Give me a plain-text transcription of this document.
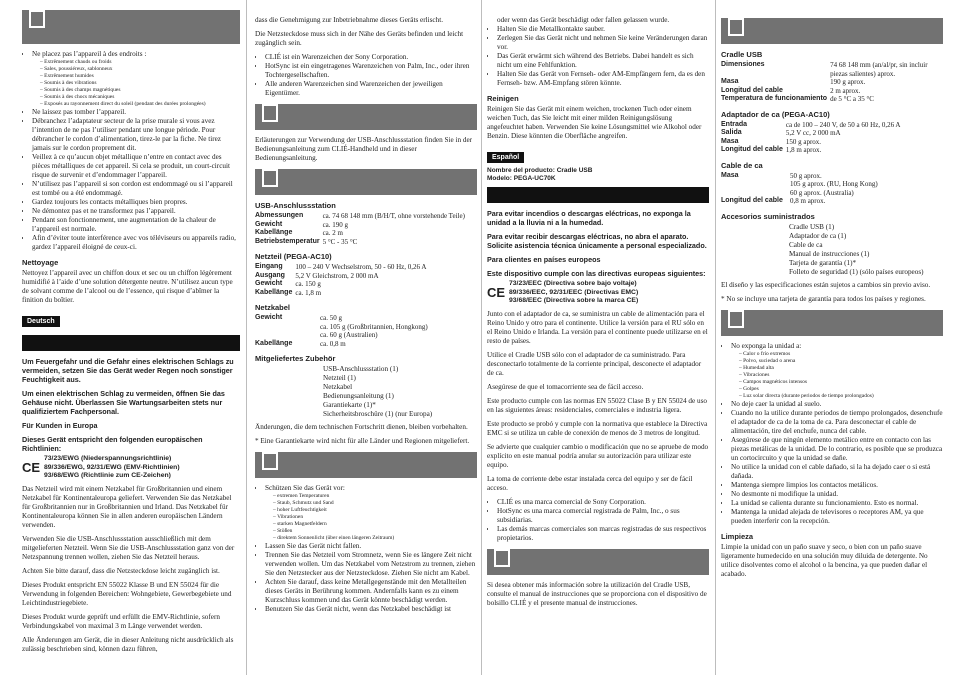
• Ne placez pas l’appareil à des endroits :
– Extrêmement chauds ou froids
– Sales, poussiéreux, sablonneux
– Extrêmement humides
– Soumis à des vibrations
– Soumis à des champs magnétiques
– Soumis à des chocs mécaniques
– Exposés au rayonnement direct du soleil (pendant des durées prolongées)
• Ne laissez pas tomber l’appareil.
• Débranchez l’adaptateur secteur de la prise murale si vous avez l’intention de ne pas l’utiliser pendant une longue période. Pour débrancher le cordon d’alimentation, tirez-le par la fiche. Ne tirez jamais sur le cordon proprement dit.
• Veillez à ce qu’aucun objet métallique n’entre en contact avec des pièces métalliques de cet appareil. Si cela se produit, un court-circuit risque de survenir et d’endommager l’appareil.
• N’utilisez pas l’appareil si son cordon est endommagé ou si l’appareil est tombé ou a été endommagé.
• Gardez toujours les contacts métalliques bien propres.
• Ne démontez pas et ne transformez pas l’appareil.
• Pendant son fonctionnement, une augmentation de la chaleur de l’appareil est normale.
• Afin d’éviter toute interférence avec vos téléviseurs ou appareils radio, gardez l’appareil éloigné de ceux-ci.
Nettoyage

Nettoyez l’appareil avec un chiffon doux et sec ou un chiffon légèrement humidifié à l’aide d’une solution détergente neutre. N’utilisez aucun type de solvant comme de l’alcool ou de l’essence, qui risque d’abîmer la finition du boîtier.

Deutsch

Um Feuergefahr und die Gefahr eines elektrischen Schlags zu vermeiden, setzen Sie das Gerät weder Regen noch sonstiger Feuchtigkeit aus.

Um einen elektrischen Schlag zu vermeiden, öffnen Sie das Gehäuse nicht. Überlassen Sie Wartungsarbeiten stets nur qualifiziertem Fachpersonal.

Für Kunden in Europa

Dieses Gerät entspricht den folgenden europäischen Richtlinien:

CE
73/23/EWG (Niederspannungsrichtlinie)
89/336/EWG, 92/31/EWG (EMV-Richtlinien)
93/68/EWG (Richtlinie zum CE-Zeichen)

Das Netzteil wird mit einem Netzkabel für Großbritannien und einem Netzkabel für Kontinentaleuropa geliefert. Verwenden Sie das Netzkabel für Großbritannien nur in Großbritannien und Irland. Das Netzkabel für Kontinentaleuropa können Sie in allen anderen europäischen Ländern verwenden.

Verwenden Sie die USB-Anschlussstation ausschließlich mit dem mitgelieferten Netzteil. Wenn Sie die USB-Anschlussstation ganz von der Netzspannung trennen wollen, ziehen Sie das Netzteil heraus.

Achten Sie bitte darauf, dass die Netzsteckdose leicht zugänglich ist.

Dieses Produkt entspricht EN 55022 Klasse B und EN 55024 für die Verwendung in folgenden Bereichen: Wohngebiete, Gewerbegebiete und Leichtindustriegebiete.

Dieses Produkt wurde geprüft und erfüllt die EMV-Richtlinie, sofern Verbindungskabel von maximal 3 m Länge verwendet werden.

Alle Änderungen am Gerät, die in dieser Anleitung nicht ausdrücklich als zulässig beschrieben sind, können dazu führen,

dass die Genehmigung zur Inbetriebnahme dieses Geräts erlischt.

Die Netzsteckdose muss sich in der Nähe des Geräts befinden und leicht zugänglich sein.

• CLIÉ ist ein Warenzeichen der Sony Corporation.
• HotSync ist ein eingetragenes Warenzeichen von Palm, Inc., oder ihren Tochtergesellschaften.
• Alle anderen Warenzeichen sind Warenzeichen der jeweiligen Eigentümer.

Erläuterungen zur Verwendung der USB-Anschlussstation finden Sie in der Bedienungsanleitung zum CLIÉ-Handheld und in dieser Bedienungsanleitung.

USB-Anschlussstation
Abmessungen	ca. 74 68 148 mm (B/H/T, ohne vorstehende Teile)
Gewicht	ca. 190 g
Kabellänge	ca. 2 m
Betriebstemperatur	5 °C - 35 °C
Netzteil (PEGA-AC10)
Eingang	100 – 240 V Wechselstrom, 50 - 60 Hz, 0,26 A
Ausgang	5,2 V Gleichstrom, 2 000 mA
Gewicht	ca. 150 g
Kabellänge	ca. 1,8 m
Netzkabel
Gewicht	ca. 50 g
	ca. 105 g (Großbritannien, Hongkong)
	ca. 60 g (Australien)
Kabellänge	ca. 0,8 m
Mitgeliefertes Zubehör

USB-Anschlussstation (1)

Netzteil (1)

Netzkabel

Bedienungsanleitung (1)

Garantiekarte (1)*

Sicherheitsbroschüre (1) (nur Europa)

Änderungen, die dem technischen Fortschritt dienen, bleiben vorbehalten.

* Eine Garantiekarte wird nicht für alle Länder und Regionen mitgeliefert.

• Schützen Sie das Gerät vor:
– extremen Temperaturen
– Staub, Schmutz und Sand
– hoher Luftfeuchtigkeit
– Vibrationen
– starken Magnetfeldern
– Stößen
– direktem Sonnenlicht (über einen längeren Zeitraum)
• Lassen Sie das Gerät nicht fallen.
• Trennen Sie das Netzteil vom Stromnetz, wenn Sie es längere Zeit nicht verwenden wollen. Um das Netzkabel vom Netzstrom zu trennen, ziehen Sie den Netzstecker aus der Netzsteckdose. Ziehen Sie nicht am Kabel.
• Achten Sie darauf, dass keine Metallgegenstände mit den Metallteilen dieses Geräts in Berührung kommen. Andernfalls kann es zu einem Kurzschluss kommen und das Gerät könnte beschädigt werden.
• Benutzen Sie das Gerät nicht, wenn das Netzkabel beschädigt ist
oder wenn das Gerät beschädigt oder fallen gelassen wurde.
• Halten Sie die Metallkontakte sauber.
• Zerlegen Sie das Gerät nicht und nehmen Sie keine Veränderungen daran vor.
• Das Gerät erwärmt sich während des Betriebs. Dabei handelt es sich nicht um eine Fehlfunktion.
• Halten Sie das Gerät von Fernseh- oder AM-Empfängern fern, da es den Fernseh- bzw. AM-Empfang stören könnte.
Reinigen

Reinigen Sie das Gerät mit einem weichen, trockenen Tuch oder einem weichen Tuch, das Sie leicht mit einer milden Reinigungslösung angefeuchtet haben. Verwenden Sie keine Lösungsmittel wie Alkohol oder Benzin. Diese könnten die Oberfläche angreifen.

Español

Nombre del producto: Cradle USB

Modelo: PEGA-UC70K

Para evitar incendios o descargas eléctricas, no exponga la unidad a la lluvia ni a la humedad.

Para evitar recibir descargas eléctricas, no abra el aparato. Solicite asistencia técnica únicamente a personal especializado.

Para clientes en países europeos

Este dispositivo cumple con las directivas europeas siguientes:

CE
73/23/EEC (Directiva sobre bajo voltaje)
89/336/EEC, 92/31/EEC (Directivas EMC)
93/68/EEC (Directiva sobre la marca CE)

Junto con el adaptador de ca, se suministra un cable de alimentación para el Reino Unido y otro para el continente. Utilice la versión para el RU sólo en el Reino Unido e Irlanda. La versión para el continente puede utilizarse en el resto de países.

Utilice el Cradle USB sólo con el adaptador de ca suministrado. Para desconectarlo totalmente de la corriente principal, desconecte el adaptador de ca.

Asegúrese de que el tomacorriente sea de fácil acceso.

Este producto cumple con las normas EN 55022 Clase B y EN 55024 de uso en las siguientes áreas: residenciales, comerciales e industria ligera.

Este producto se probó y cumple con la normativa que establece la Directiva EMC si se utiliza un cable de conexión de menos de 3 metros de longitud.

Se advierte que cualquier cambio o modificación que no se apruebe de modo explícito en este manual podría anular su autorización para utilizar este equipo.

La toma de corriente debe estar instalada cerca del equipo y ser de fácil acceso.

• CLIÉ es una marca comercial de Sony Corporation.
• HotSync es una marca comercial registrada de Palm, Inc., o sus subsidiarias.
• Las demás marcas comerciales son marcas registradas de sus respectivos propietarios.

Si desea obtener más información sobre la utilización del Cradle USB, consulte el manual de instrucciones que se proporciona con el dispositivo de bolsillo CLIÉ y el presente manual de instrucciones.

Cradle USB
Dimensiones	74 68 148 mm (an/al/pr, sin incluir piezas salientes) aprox.
Masa	190 g aprox.
Longitud del cable	2 m aprox.
Temperatura de funcionamiento	de 5 °C a 35 °C
Adaptador de ca (PEGA-AC10)
Entrada	ca de 100 – 240 V, de 50 a 60 Hz, 0,26 A
Salida	5,2 V cc, 2 000 mA
Masa	150 g aprox.
Longitud del cable	1,8 m aprox.
Cable de ca
Masa	50 g aprox.
	105 g aprox. (RU, Hong Kong)
	60 g aprox. (Australia)
Longitud del cable	0,8 m aprox.
Accesorios suministrados

Cradle USB (1)

Adaptador de ca (1)

Cable de ca

Manual de instrucciones (1)

Tarjeta de garantía (1)*

Folleto de seguridad (1) (sólo países europeos)

El diseño y las especificaciones están sujetos a cambios sin previo aviso.

* No se incluye una tarjeta de garantía para todos los países y regiones.

• No exponga la unidad a:
– Calor o frío extremos
– Polvo, suciedad o arena
– Humedad alta
– Vibraciones
– Campos magnéticos intensos
– Golpes
– Luz solar directa (durante periodos de tiempo prolongados)
• No deje caer la unidad al suelo.
• Cuando no la utilice durante periodos de tiempo prolongados, desenchufe el adaptador de ca de la toma de ca. Para desconectar el cable de alimentación, tire del enchufe, nunca del cable.
• Asegúrese de que ningún elemento metálico entre en contacto con las piezas metálicas de la unidad. De lo contrario, es posible que se produzca un cortocircuito y que la unidad se dañe.
• No utilice la unidad con el cable dañado, si la ha dejado caer o si está dañada.
• Mantenga siempre limpios los contactos metálicos.
• No desmonte ni modifique la unidad.
• La unidad se calienta durante su funcionamiento. Esto es normal.
• Mantenga la unidad alejada de televisores o receptores AM, ya que pueden interferir con la recepción.
Limpieza

Limpie la unidad con un paño suave y seco, o bien con un paño suave ligeramente humedecido en una solución muy diluida de detergente. No utilice disolventes como el alcohol o la bencina, ya que pueden dañar el acabado.
